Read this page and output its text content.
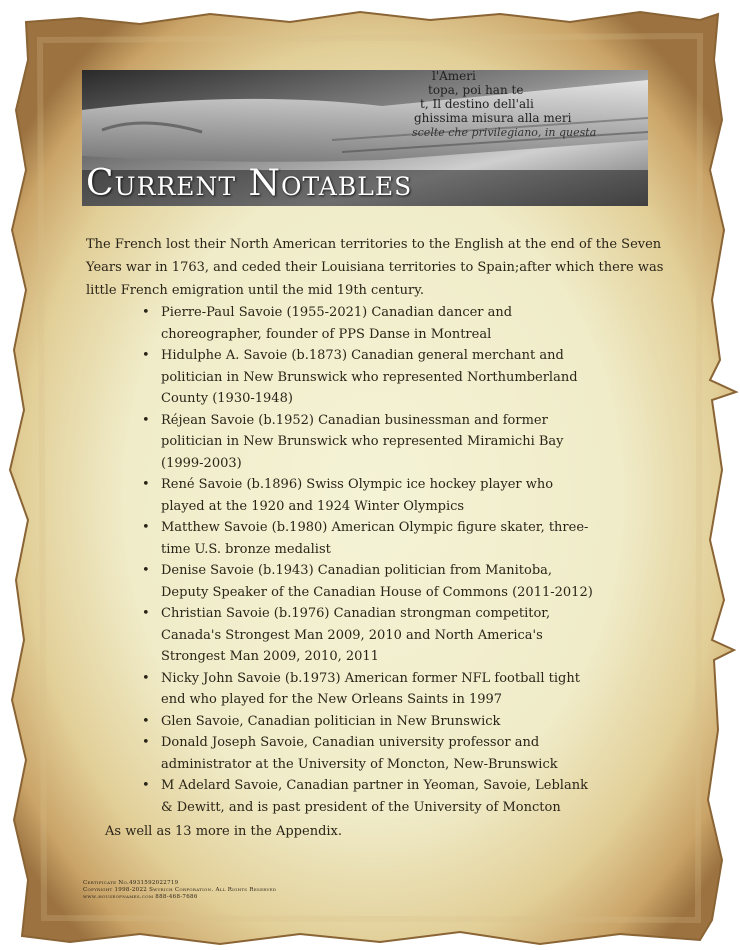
l'Ameri
topa, poi han te
t, Il destino dell'ali
ghissima misura alla meri
scelte che privilegiano, in questa
Current Notables

The French lost their North American territories to the English at the end of the Seven Years war in 1763, and ceded their Louisiana territories to Spain;after which there was little French emigration until the mid 19th century.

• Pierre-Paul Savoie (1955-2021) Canadian dancer and choreographer, founder of PPS Danse in Montreal
• Hidulphe A. Savoie (b.1873) Canadian general merchant and politician in New Brunswick who represented Northumberland County (1930-1948)
• Réjean Savoie (b.1952) Canadian businessman and former politician in New Brunswick who represented Miramichi Bay (1999-2003)
• René Savoie (b.1896) Swiss Olympic ice hockey player who played at the 1920 and 1924 Winter Olympics
• Matthew Savoie (b.1980) American Olympic figure skater, three-time U.S. bronze medalist
• Denise Savoie (b.1943) Canadian politician from Manitoba, Deputy Speaker of the Canadian House of Commons (2011-2012)
• Christian Savoie (b.1976) Canadian strongman competitor, Canada's Strongest Man 2009, 2010 and North America's Strongest Man 2009, 2010, 2011
• Nicky John Savoie (b.1973) American former NFL football tight end who played for the New Orleans Saints in 1997
• Glen Savoie, Canadian politician in New Brunswick
• Donald Joseph Savoie, Canadian university professor and administrator at the University of Moncton, New-Brunswick
• M Adelard Savoie, Canadian partner in Yeoman, Savoie, Leblank & Dewitt, and is past president of the University of Moncton

As well as 13 more in the Appendix.

Certificate No.4931592022719
Copyright 1998-2022 Swyrich Corporation. All Rights Reserved
www.houseofnames.com 888-468-7686
